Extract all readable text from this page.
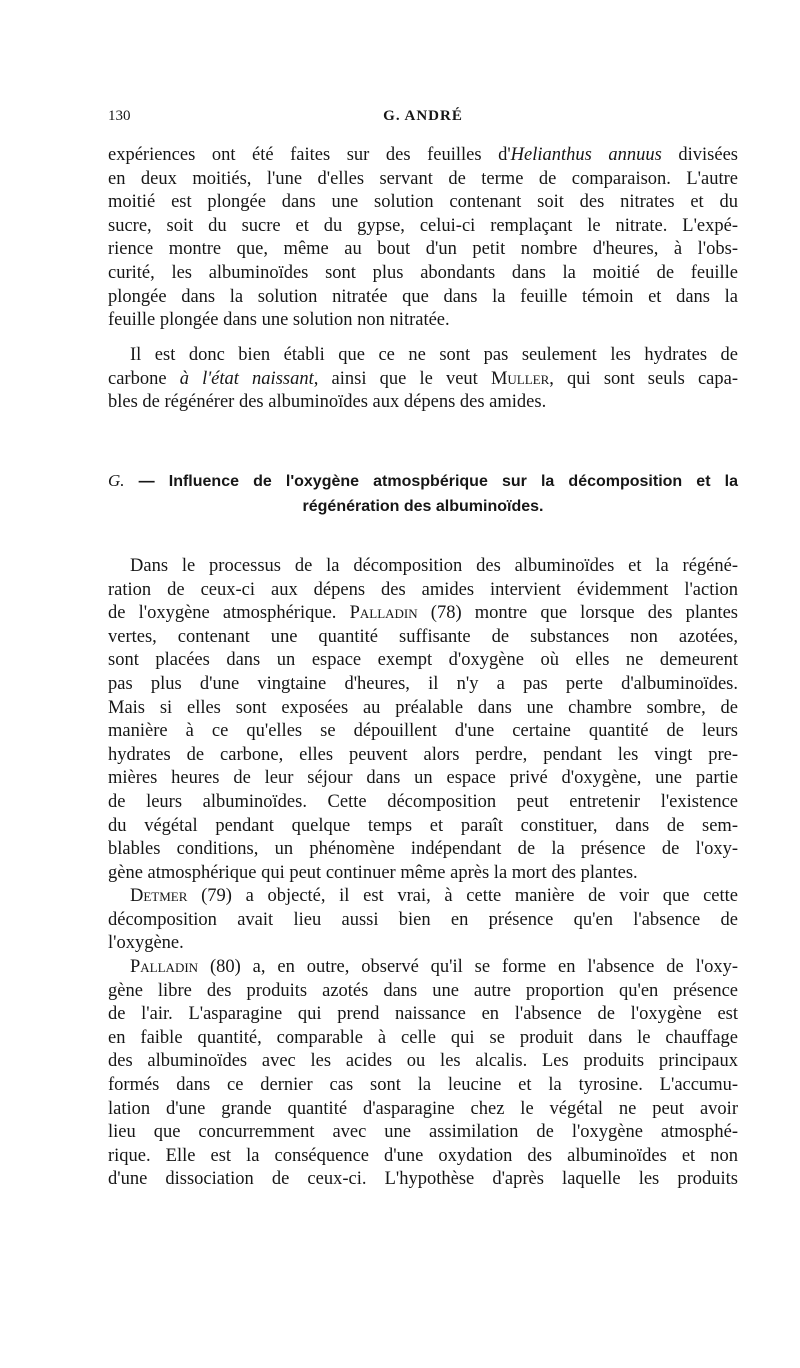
130	G. ANDRÉ
expériences ont été faites sur des feuilles d'Helianthus annuus divisées
en deux moitiés, l'une d'elles servant de terme de comparaison. L'autre
moitié est plongée dans une solution contenant soit des nitrates et du
sucre, soit du sucre et du gypse, celui-ci remplaçant le nitrate. L'expé-
rience montre que, même au bout d'un petit nombre d'heures, à l'obs-
curité, les albuminoïdes sont plus abondants dans la moitié de feuille
plongée dans la solution nitratée que dans la feuille témoin et dans la
feuille plongée dans une solution non nitratée.
Il est donc bien établi que ce ne sont pas seulement les hydrates de
carbone à l'état naissant, ainsi que le veut Muller, qui sont seuls capa-
bles de régénérer des albuminoïdes aux dépens des amides.
G. — Influence de l'oxygène atmospbérique sur la décomposition et la
régénération des albuminoïdes.
Dans le processus de la décomposition des albuminoïdes et la régéné-
ration de ceux-ci aux dépens des amides intervient évidemment l'action
de l'oxygène atmosphérique. Palladin (78) montre que lorsque des plantes
vertes, contenant une quantité suffisante de substances non azotées,
sont placées dans un espace exempt d'oxygène où elles ne demeurent
pas plus d'une vingtaine d'heures, il n'y a pas perte d'albuminoïdes.
Mais si elles sont exposées au préalable dans une chambre sombre, de
manière à ce qu'elles se dépouillent d'une certaine quantité de leurs
hydrates de carbone, elles peuvent alors perdre, pendant les vingt pre-
mières heures de leur séjour dans un espace privé d'oxygène, une partie
de leurs albuminoïdes. Cette décomposition peut entretenir l'existence
du végétal pendant quelque temps et paraît constituer, dans de sem-
blables conditions, un phénomène indépendant de la présence de l'oxy-
gène atmosphérique qui peut continuer même après la mort des plantes.
Detmer (79) a objecté, il est vrai, à cette manière de voir que cette
décomposition avait lieu aussi bien en présence qu'en l'absence de
l'oxygène.
Palladin (80) a, en outre, observé qu'il se forme en l'absence de l'oxy-
gène libre des produits azotés dans une autre proportion qu'en présence
de l'air. L'asparagine qui prend naissance en l'absence de l'oxygène est
en faible quantité, comparable à celle qui se produit dans le chauffage
des albuminoïdes avec les acides ou les alcalis. Les produits principaux
formés dans ce dernier cas sont la leucine et la tyrosine. L'accumu-
lation d'une grande quantité d'asparagine chez le végétal ne peut avoir
lieu que concurremment avec une assimilation de l'oxygène atmosphé-
rique. Elle est la conséquence d'une oxydation des albuminoïdes et non
d'une dissociation de ceux-ci. L'hypothèse d'après laquelle les produits
